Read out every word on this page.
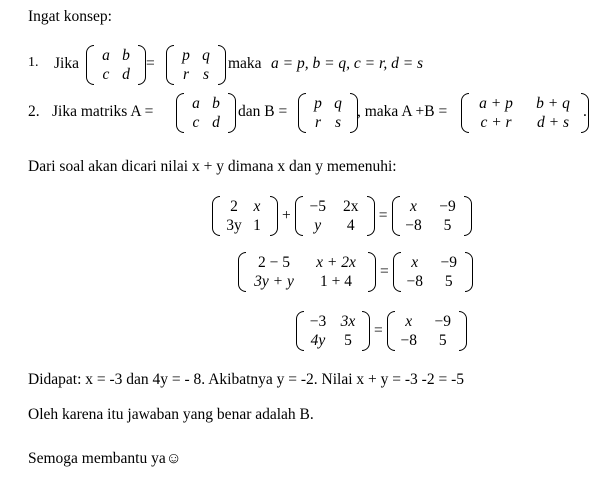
Ingat konsep:
1. Jika	a b
c d
=	p q
r s
maka a = p, b = q, c = r, d = s
2. Jika matriks A =	a b
c d
dan B =	p q
r s
, maka A +B =	a + p	b + q
c + r	d + s
.
Dari soal akan dicari nilai x + y dimana x dan y memenuhi:
2	x
3y 1
+
−5	2x
y	4
=
x	−9
−8	5
2 − 5	x + 2x
3y + y	1 + 4
=
x	−9
−8	5
−3 3x
4y	5
=
x	−9
−8	5
Didapat: x = -3 dan 4y = - 8. Akibatnya y = -2. Nilai x + y = -3 -2 = -5
Oleh karena itu jawaban yang benar adalah B.
Semoga membantu ya☺
